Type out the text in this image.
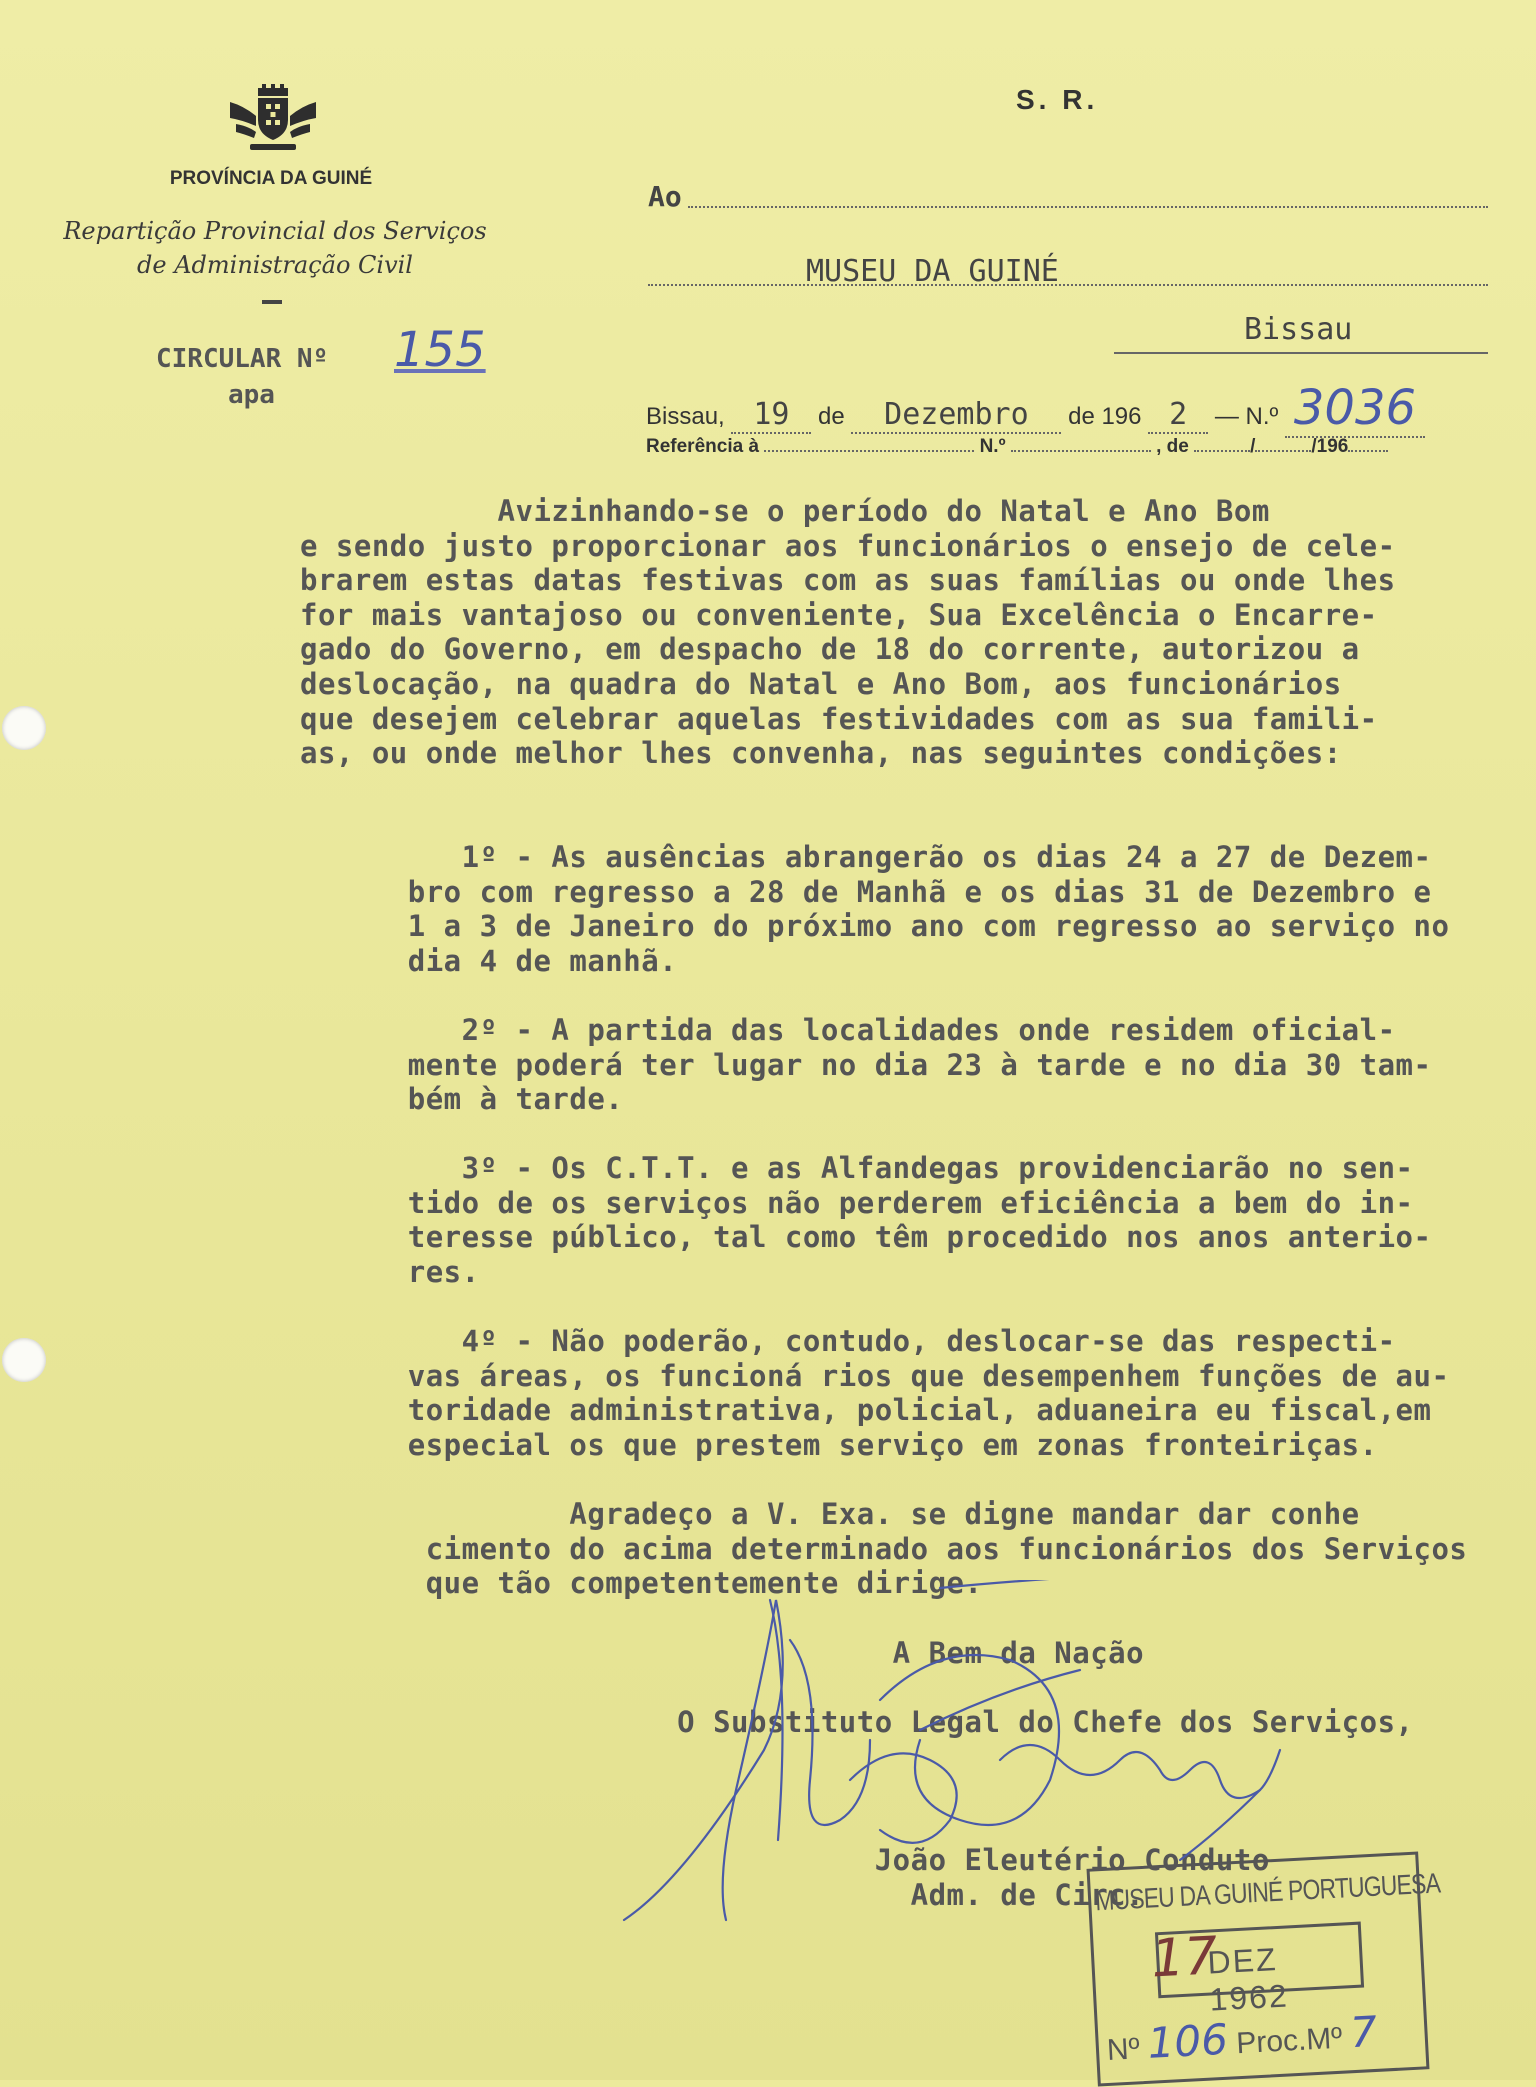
PROVÍNCIA DA GUINÉ
Repartição Provincial dos Serviços
de Administração Civil
CIRCULAR Nº 155
apa
S. R.
Ao
MUSEU DA GUINÉ
Bissau
Bissau, 19 de Dezembro de 196 2 — N.º 3036
Referência à	N.º	, de	/	/196
Avizinhando-se o período do Natal e Ano Bom
e sendo justo proporcionar aos funcionários o ensejo de cele-
brarem estas datas festivas com as suas famílias ou onde lhes
for mais vantajoso ou conveniente, Sua Excelência o Encarre-
gado do Governo, em despacho de 18 do corrente, autorizou a
deslocação, na quadra do Natal e Ano Bom, aos funcionários
que desejem celebrar aquelas festividades com as sua famili-
as, ou onde melhor lhes convenha, nas seguintes condições:
1º - As ausências abrangerão os dias 24 a 27 de Dezem-
bro com regresso a 28 de Manhã e os dias 31 de Dezembro e
1 a 3 de Janeiro do próximo ano com regresso ao serviço no
dia 4 de manhã.
2º - A partida das localidades onde residem oficial-
mente poderá ter lugar no dia 23 à tarde e no dia 30 tam-
bém à tarde.
3º - Os C.T.T. e as Alfandegas providenciarão no sen-
tido de os serviços não perderem eficiência a bem do in-
teresse público, tal como têm procedido nos anos anterio-
res.
4º - Não poderão, contudo, deslocar-se das respecti-
vas áreas, os funcioná rios que desempenhem funções de au-
toridade administrativa, policial, aduaneira eu fiscal,em
especial os que prestem serviço em zonas fronteiriças.
Agradeço a V. Exa. se digne mandar dar conhe
cimento do acima determinado aos funcionários dos Serviços
que tão competentemente dirige.
A Bem da Nação
O Substituto Legal do Chefe dos Serviços,
João Eleutério Conduto
Adm. de Circ.
MUSEU DA GUINÉ PORTUGUESA
17
DEZ 1962
Nº 106 Proc.Mº 7
